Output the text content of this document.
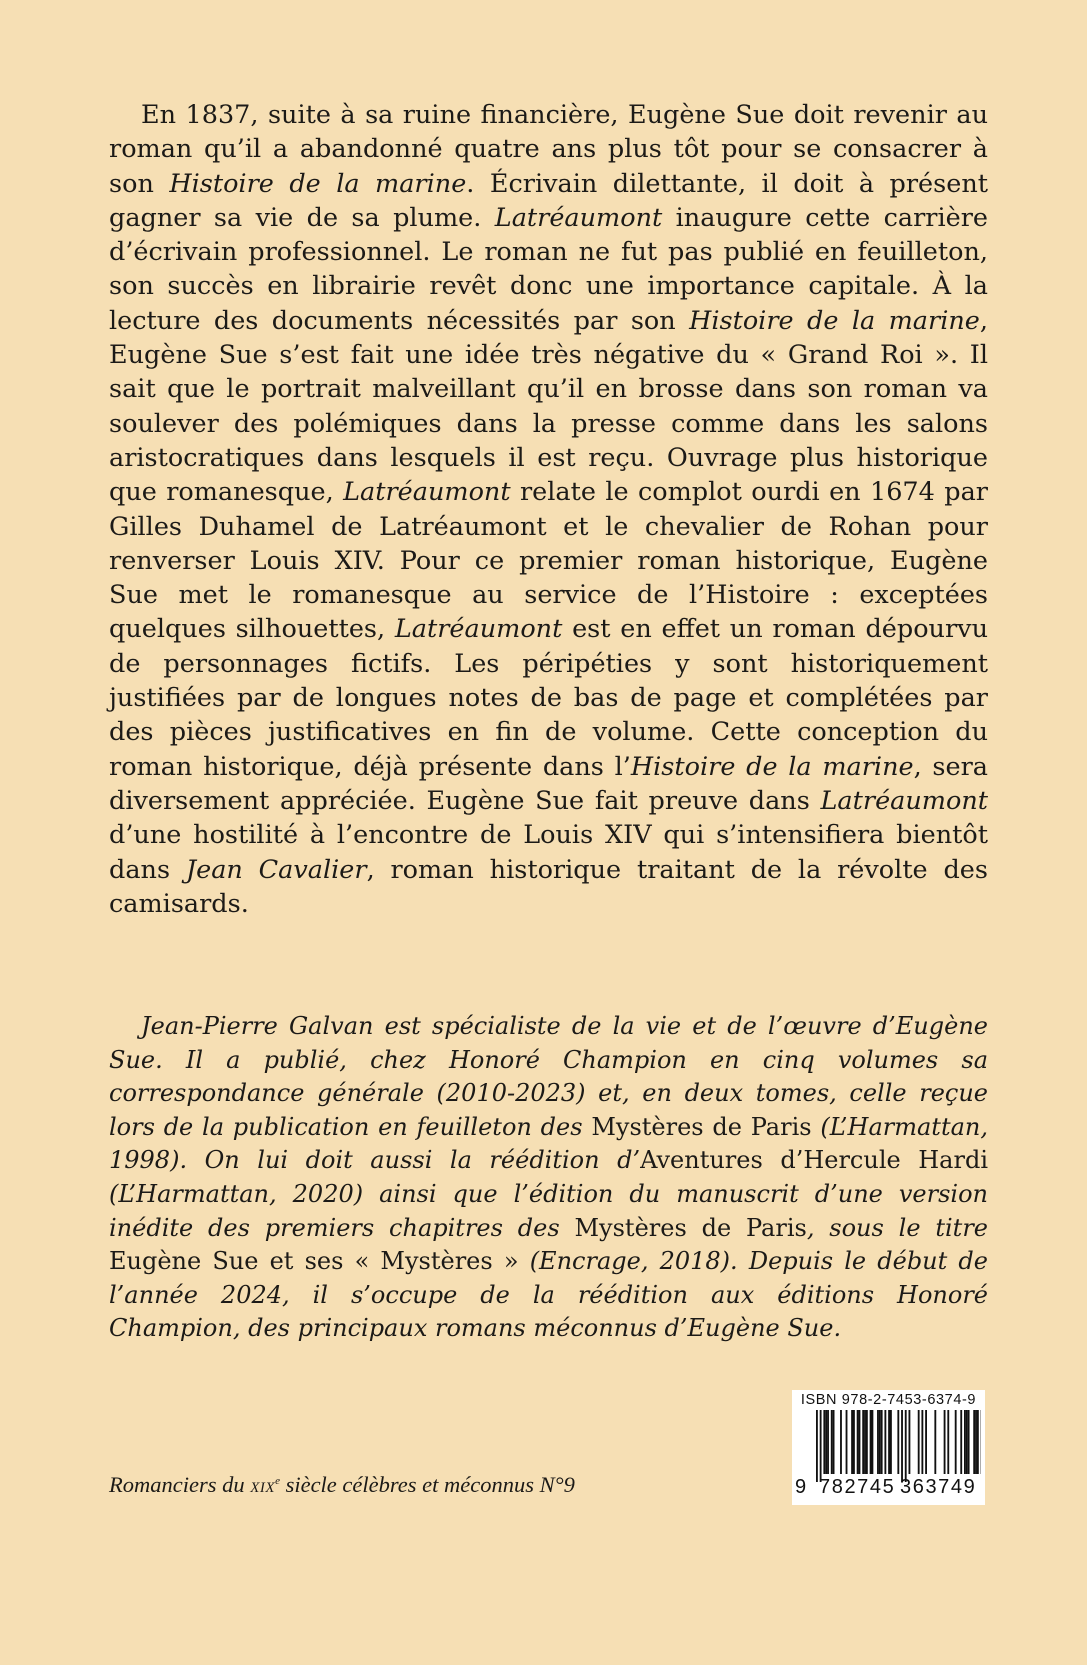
En 1837, suite à sa ruine financière, Eugène Sue doit revenir au roman qu’il a abandonné quatre ans plus tôt pour se consacrer à son Histoire de la marine. Écrivain dilettante, il doit à présent gagner sa vie de sa plume. Latréaumont inaugure cette carrière d’écrivain professionnel. Le roman ne fut pas publié en feuilleton, son succès en librairie revêt donc une importance capitale. À la lecture des documents nécessités par son Histoire de la marine, Eugène Sue s’est fait une idée très négative du « Grand Roi ». Il sait que le portrait malveillant qu’il en brosse dans son roman va soulever des polémiques dans la presse comme dans les salons aristocratiques dans lesquels il est reçu. Ouvrage plus historique que romanesque, Latréaumont relate le complot ourdi en 1674 par Gilles Duhamel de Latréaumont et le chevalier de Rohan pour renverser Louis XIV. Pour ce premier roman historique, Eugène Sue met le romanesque au service de l’Histoire : exceptées quelques silhouettes, Latréaumont est en effet un roman dépourvu de personnages fictifs. Les péripéties y sont historiquement justifiées par de longues notes de bas de page et complétées par des pièces justificatives en fin de volume. Cette conception du roman historique, déjà présente dans l’Histoire de la marine, sera diversement appréciée. Eugène Sue fait preuve dans Latréaumont d’une hostilité à l’encontre de Louis XIV qui s’intensifiera bientôt dans Jean Cavalier, roman historique traitant de la révolte des camisards.

Jean-Pierre Galvan est spécialiste de la vie et de l’œuvre d’Eugène Sue. Il a publié, chez Honoré Champion en cinq volumes sa correspondance générale (2010-2023) et, en deux tomes, celle reçue lors de la publication en feuilleton des Mystères de Paris (L’Harmattan, 1998). On lui doit aussi la réédition d’Aventures d’Hercule Hardi (L’Harmattan, 2020) ainsi que l’édition du manuscrit d’une version inédite des premiers chapitres des Mystères de Paris, sous le titre Eugène Sue et ses « Mystères » (Encrage, 2018). Depuis le début de l’année 2024, il s’occupe de la réédition aux éditions Honoré Champion, des principaux romans méconnus d’Eugène Sue.

Romanciers du XIXe siècle célèbres et méconnus N°9
ISBN 978-2-7453-6374-9
9 782745 363749
